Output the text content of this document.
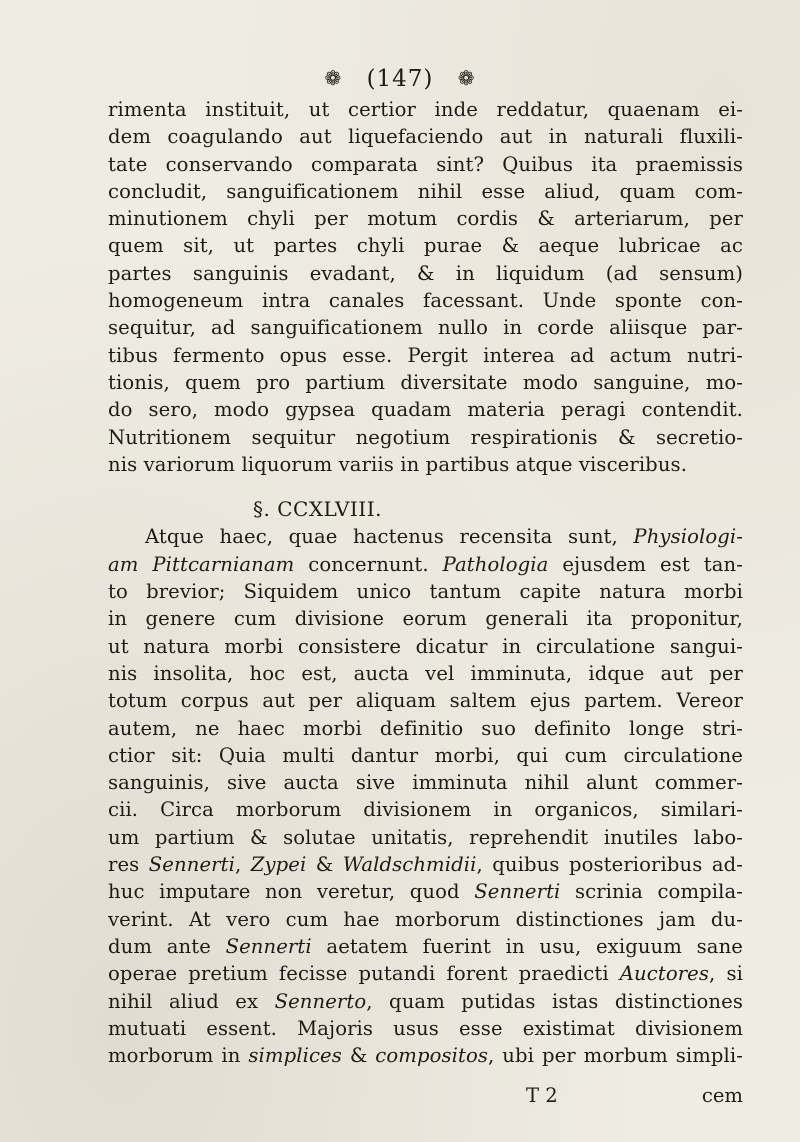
❁ (147) ❁
rimenta instituit, ut certior inde reddatur, quaenam ei-
dem coagulando aut liquefaciendo aut in naturali fluxili-
tate conservando comparata sint? Quibus ita praemissis
concludit, sanguificationem nihil esse aliud, quam com-
minutionem chyli per motum cordis & arteriarum, per
quem sit, ut partes chyli purae & aeque lubricae ac
partes sanguinis evadant, & in liquidum (ad sensum)
homogeneum intra canales facessant. Unde sponte con-
sequitur, ad sanguificationem nullo in corde aliisque par-
tibus fermento opus esse. Pergit interea ad actum nutri-
tionis, quem pro partium diversitate modo sanguine, mo-
do sero, modo gypsea quadam materia peragi contendit.
Nutritionem sequitur negotium respirationis & secretio-
nis variorum liquorum variis in partibus atque visceribus.
§. CCXLVIII.
Atque haec, quae hactenus recensita sunt, Physiologi-
am Pittcarnianam concernunt. Pathologia ejusdem est tan-
to brevior; Siquidem unico tantum capite natura morbi
in genere cum divisione eorum generali ita proponitur,
ut natura morbi consistere dicatur in circulatione sangui-
nis insolita, hoc est, aucta vel imminuta, idque aut per
totum corpus aut per aliquam saltem ejus partem. Vereor
autem, ne haec morbi definitio suo definito longe stri-
ctior sit: Quia multi dantur morbi, qui cum circulatione
sanguinis, sive aucta sive imminuta nihil alunt commer-
cii. Circa morborum divisionem in organicos, similari-
um partium & solutae unitatis, reprehendit inutiles labo-
res Sennerti, Zypei & Waldschmidii, quibus posterioribus ad-
huc imputare non veretur, quod Sennerti scrinia compila-
verint. At vero cum hae morborum distinctiones jam du-
dum ante Sennerti aetatem fuerint in usu, exiguum sane
operae pretium fecisse putandi forent praedicti Auctores, si
nihil aliud ex Sennerto, quam putidas istas distinctiones
mutuati essent. Majoris usus esse existimat divisionem
morborum in simplices & compositos, ubi per morbum simpli-
T 2	cem
